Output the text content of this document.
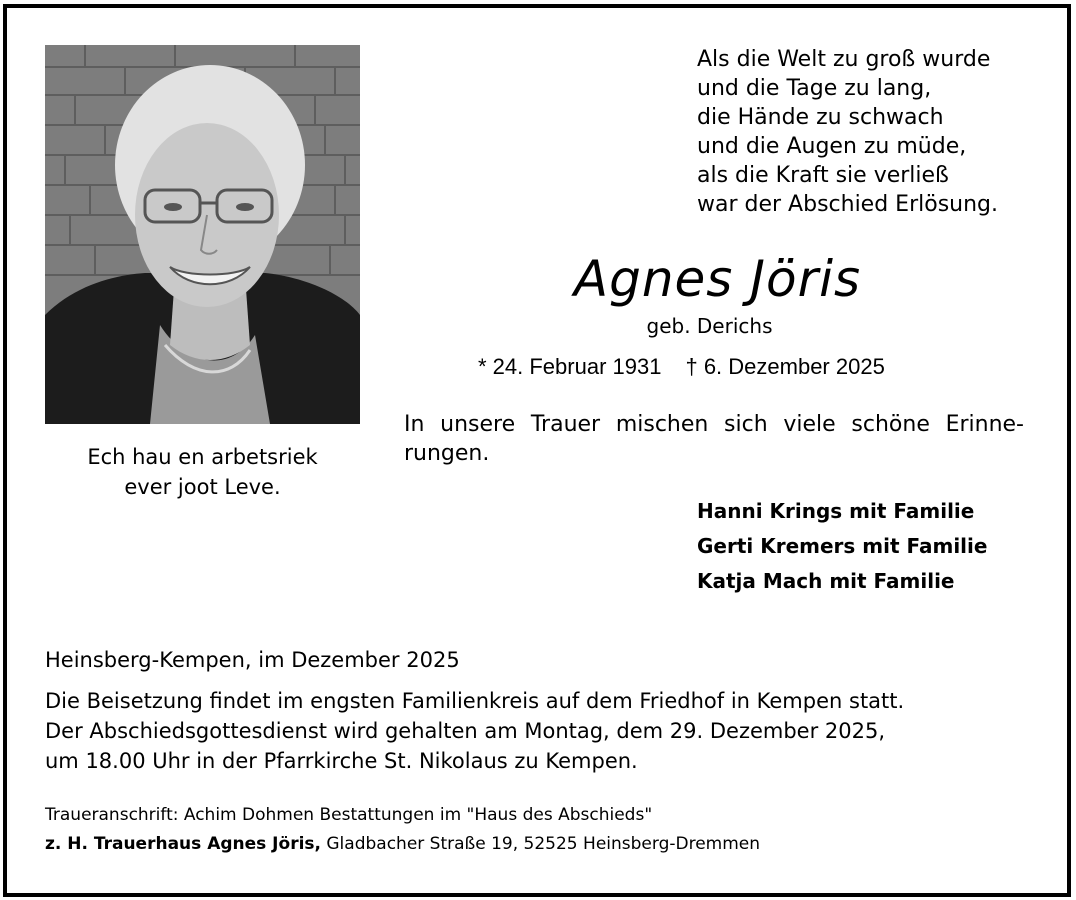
Ech hau en arbetsriek
ever joot Leve.
Als die Welt zu groß wurde
und die Tage zu lang,
die Hände zu schwach
und die Augen zu müde,
als die Kraft sie verließ
war der Abschied Erlösung.
Agnes Jöris
geb. Derichs
* 24. Februar 1931 † 6. Dezember 2025
In unsere Trauer mischen sich viele schöne Erinne-rungen.
Hanni Krings mit Familie
Gerti Kremers mit Familie
Katja Mach mit Familie
Heinsberg-Kempen, im Dezember 2025
Die Beisetzung findet im engsten Familienkreis auf dem Friedhof in Kempen statt.
Der Abschiedsgottesdienst wird gehalten am Montag, dem 29. Dezember 2025,
um 18.00 Uhr in der Pfarrkirche St. Nikolaus zu Kempen.
Traueranschrift: Achim Dohmen Bestattungen im "Haus des Abschieds"
z. H. Trauerhaus Agnes Jöris, Gladbacher Straße 19, 52525 Heinsberg-Dremmen
